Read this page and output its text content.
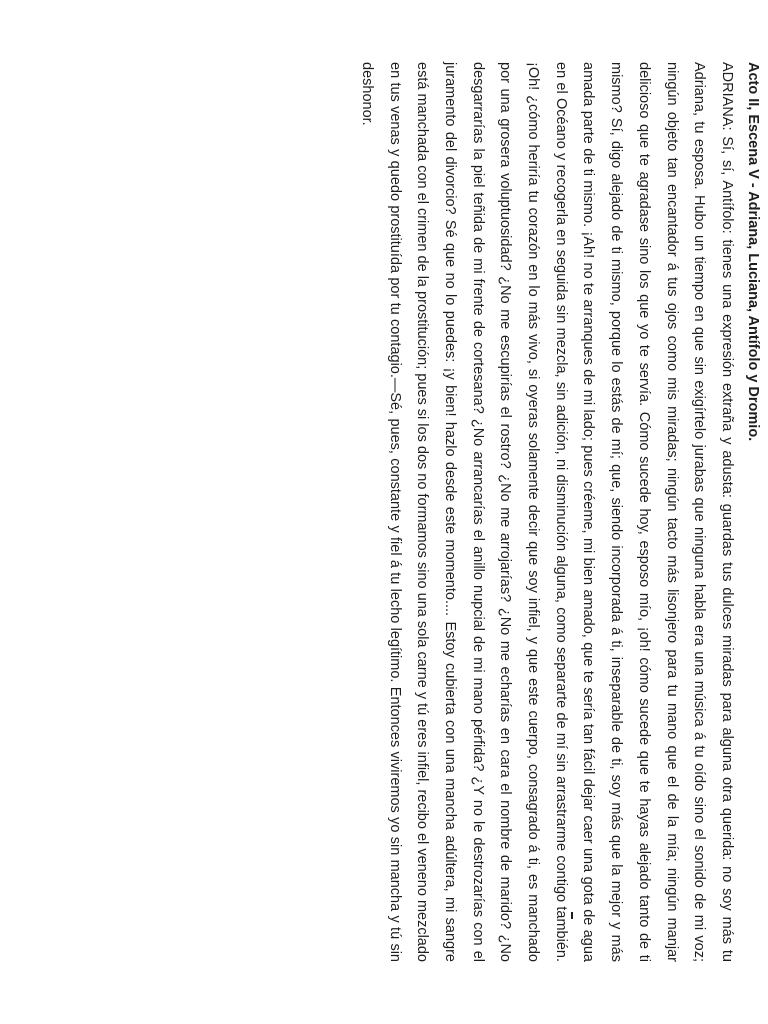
Acto II, Escena V - Adriana, Luciana, Antífolo y Dromio.

ADRIANA: Sí, sí, Antífolo: tienes una expresión extraña y adusta: guardas tus dulces miradas para alguna otra querida: no soy más tu Adriana, tu esposa. Hubo un tiempo en que sin exigírtelo jurabas que ninguna habla era una música á tu oído sino el sonido de mi voz; ningún objeto tan encantador á tus ojos como mis miradas; ningún tacto más lisonjero para tu mano que el de la mía; ningún manjar delicioso que te agradase sino los que yo te servía. Cómo sucede hoy, esposo mío, ¡oh! cómo sucede que te hayas alejado tanto de ti mismo? Sí, digo alejado de ti mismo, porque lo estás de mí; que, siendo incorporada á ti, inseparable de ti, soy más que la mejor y más amada parte de ti mismo. ¡Ah! no te arranques de mi lado; pues créeme, mi bien amado, que te sería tan fácil dejar caer una gota de agua en el Océano y recogerla en seguida sin mezcla, sin adición, ni disminución alguna, como separarte de mí sin arrastrarme contigo también. ¡Oh! ¿cómo heriría tu corazón en lo más vivo, si oyeras solamente decir que soy infiel, y que este cuerpo, consagrado á ti, es manchado por una grosera voluptuosidad? ¿No me escupirías el rostro? ¿No me arrojarías? ¿No me echarías en cara el nombre de marido? ¿No desgarrarías la piel teñida de mi frente de cortesana? ¿No arrancarías el anillo nupcial de mi mano pérfida? ¿Y no le destrozarías con el juramento del divorcio? Sé que no lo puedes: ¡y bien! hazlo desde este momento.... Estoy cubierta con una mancha adúltera, mi sangre está manchada con el crimen de la prostitución; pues si los dos no formamos sino una sola carne y tú eres infiel, recibo el veneno mezclado en tus venas y quedo prostituída por tu contagio.—Sé, pues, constante y fiel á tu lecho legítimo. Entonces viviremos yo sin mancha y tú sin deshonor.
